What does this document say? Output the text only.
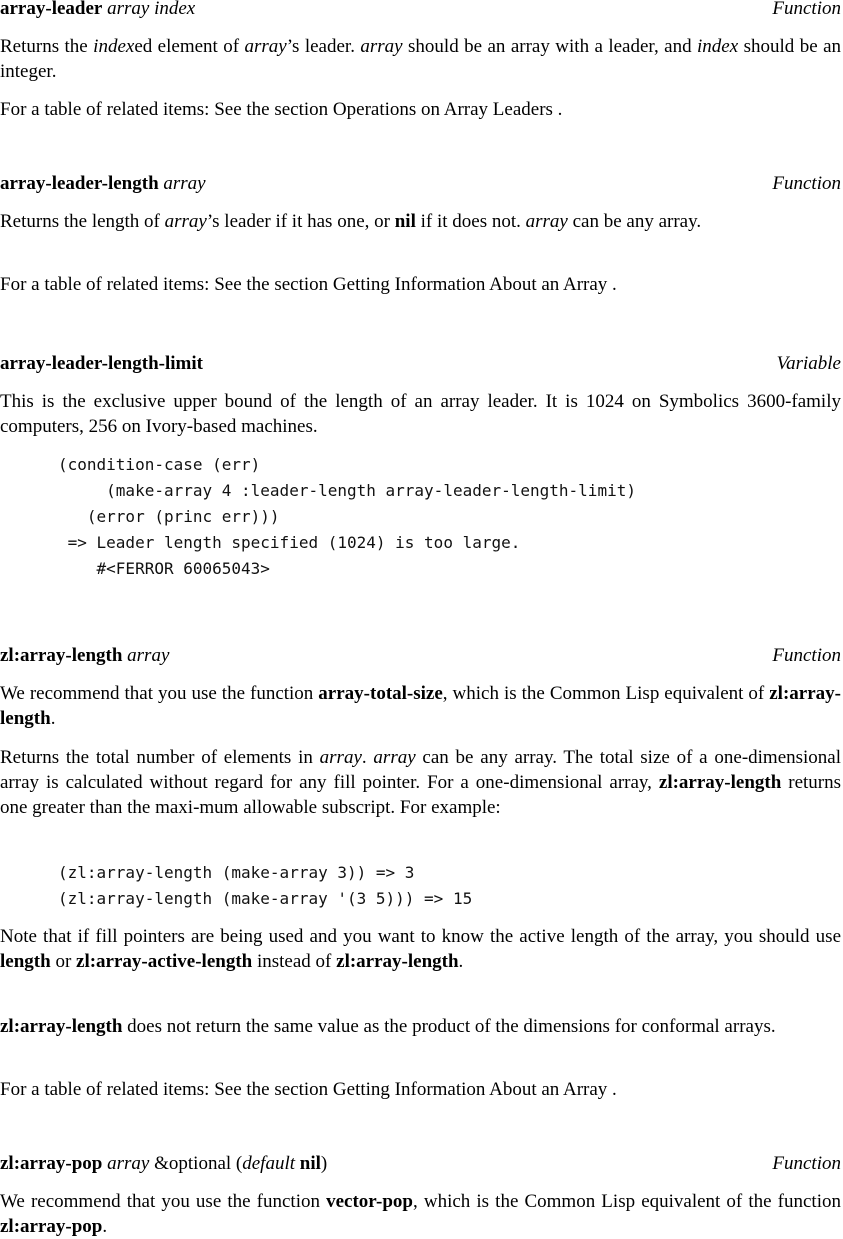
array-leader array index	Function
Returns the indexed element of array’s leader. array should be an array with a leader, and index should be an integer.
For a table of related items: See the section Operations on Array Leaders .
array-leader-length array	Function
Returns the length of array’s leader if it has one, or nil if it does not. array can be any array.
For a table of related items: See the section Getting Information About an Array .
array-leader-length-limit	Variable
This is the exclusive upper bound of the length of an array leader. It is 1024 on Symbolics 3600-family computers, 256 on Ivory-based machines.
(condition-case (err)
(make-array 4 :leader-length array-leader-length-limit)
(error (princ err)))
=> Leader length specified (1024) is too large.
#<FERROR 60065043>
zl:array-length array	Function
We recommend that you use the function array-total-size, which is the Common Lisp equivalent of zl:array-length.
Returns the total number of elements in array. array can be any array. The total size of a one-dimensional array is calculated without regard for any fill pointer. For a one-dimensional array, zl:array-length returns one greater than the maxi-mum allowable subscript. For example:
(zl:array-length (make-array 3)) => 3
(zl:array-length (make-array '(3 5))) => 15
Note that if fill pointers are being used and you want to know the active length of the array, you should use length or zl:array-active-length instead of zl:array-length.
zl:array-length does not return the same value as the product of the dimensions for conformal arrays.
For a table of related items: See the section Getting Information About an Array .
zl:array-pop array &optional (default nil)	Function
We recommend that you use the function vector-pop, which is the Common Lisp equivalent of the function zl:array-pop.
